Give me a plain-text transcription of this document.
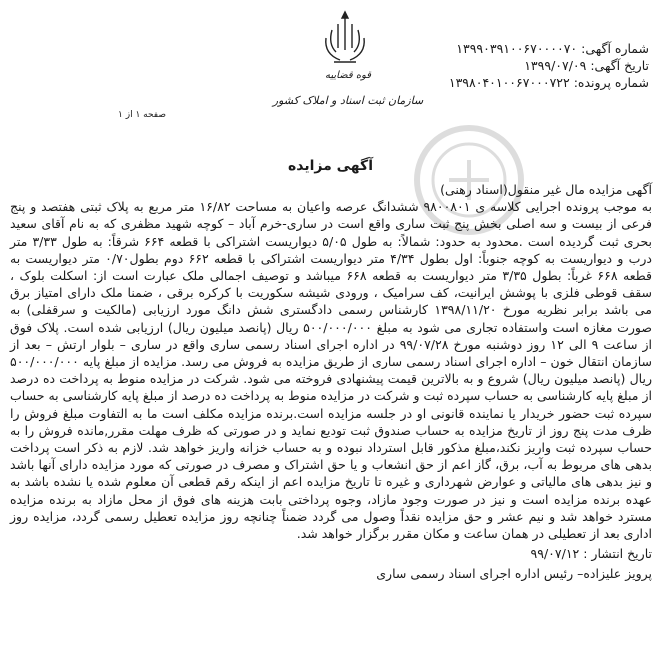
شماره آگهی: ۱۳۹۹۰۳۹۱۰۰۶۷۰۰۰۰۷۰
تاریخ آگهی: ۱۳۹۹/۰۷/۰۹
شماره پرونده: ۱۳۹۸۰۴۰۱۰۰۶۷۰۰۰۷۲۲
قوه قضاییه
سازمان ثبت اسناد و املاک کشور
صفحه ۱ از ۱
آگهی مزایده

آگهی مزایده مال غیر منقول(اسناد رهنی)

به موجب پرونده اجرایی کلاسه ی ۹۸۰۰۸۰۱ ششدانگ عرصه واعیان به مساحت ۱۶/۸۲ متر مربع به پلاک ثبتی هفتصد و پنج فرعی از بیست و سه اصلی بخش پنج ثبت ساری واقع است در ساری-خرم آباد – کوچه شهید مظفری که به نام آقای سعید بحری ثبت گردیده است .محدود به حدود: شمالاً: به طول ۵/۰۵ دیواریست اشتراکی با قطعه ۶۶۴ شرقاً: به طول ۳/۳۳ متر درب و دیواریست به کوچه جنوباً: اول بطول ۴/۳۴ متر دیواریست اشتراکی با قطعه ۶۶۲ دوم بطول۰/۷۰ متر دیواریست به قطعه ۶۶۸ غرباً: بطول ۳/۳۵ متر دیواریست به قطعه ۶۶۸ میباشد و توصیف اجمالی ملک عبارت است از: اسکلت بلوک ، سقف قوطی فلزی با پوشش ایرانیت، کف سرامیک ، ورودی شیشه سکوریت با کرکره برقی ، ضمنا ملک دارای امتیاز برق می باشد برابر نظریه مورخ ۱۳۹۸/۱۱/۲۰ کارشناس رسمی دادگستری شش دانگ مورد ارزیابی (مالکیت و سرقفلی) به صورت مغازه است واستفاده تجاری می شود به مبلغ ۵۰۰/۰۰۰/۰۰۰ ریال (پانصد میلیون ریال) ارزیابی شده است. پلاک فوق از ساعت ۹ الی ۱۲ روز دوشنبه مورخ ۹۹/۰۷/۲۸ در اداره اجرای اسناد رسمی ساری واقع در ساری – بلوار ارتش – بعد از سازمان انتقال خون – اداره اجرای اسناد رسمی ساری از طریق مزایده به فروش می رسد. مزایده از مبلغ پایه ۵۰۰/۰۰۰/۰۰۰ ریال (پانصد میلیون ریال) شروع و به بالاترین قیمت پیشنهادی فروخته می شود. شرکت در مزایده منوط به پرداخت ده درصد از مبلغ پایه کارشناسی به حساب سپرده ثبت و شرکت در مزایده منوط به پرداخت ده درصد از مبلغ پایه کارشناسی به حساب سپرده ثبت حضور خریدار یا نماینده قانونی او در جلسه مزایده است.برنده مزایده مکلف است ما به التفاوت مبلغ فروش را ظرف مدت پنج روز از تاریخ مزایده به حساب صندوق ثبت تودیع نماید و در صورتی که ظرف مهلت مقرر,مانده فروش را به حساب سپرده ثبت واریز نکند،مبلغ مذکور قابل استرداد نبوده و به حساب خزانه واریز خواهد شد. لازم به ذکر است پرداخت بدهی های مربوط به آب، برق، گاز اعم از حق انشعاب و یا حق اشتراک و مصرف در صورتی که مورد مزایده دارای آنها باشد و نیز بدهی های مالیاتی و عوارض شهرداری و غیره تا تاریخ مزایده اعم از اینکه رقم قطعی آن معلوم شده یا نشده باشد به عهده برنده مزایده است و نیز در صورت وجود مازاد، وجوه پرداختی بابت هزینه های فوق از محل مازاد به برنده مزایده مسترد خواهد شد و نیم عشر و حق مزایده نقداً وصول می گردد ضمناً چنانچه روز مزایده تعطیل رسمی گردد، مزایده روز اداری بعد از تعطیلی در همان ساعت و مکان مقرر برگزار خواهد شد.

تاریخ انتشار : ۹۹/۰۷/۱۲

پرویز علیزاده– رئیس اداره اجرای اسناد رسمی ساری
